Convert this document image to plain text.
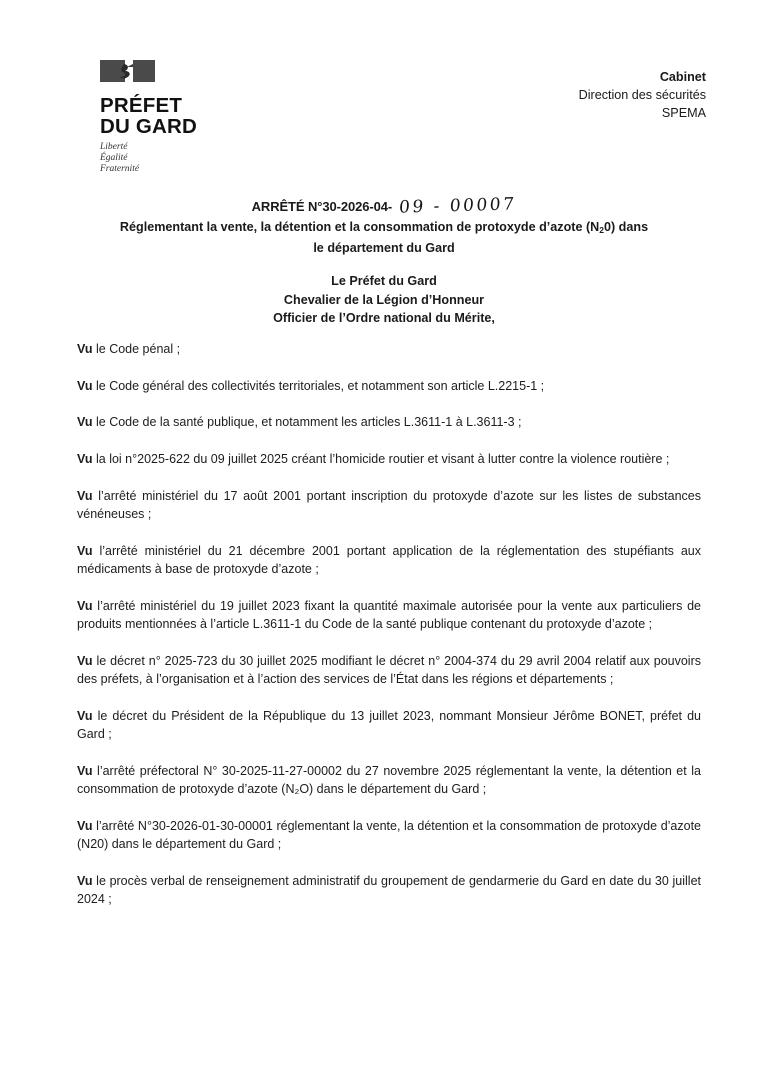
PRÉFET
DU GARD
Liberté
Égalité
Fraternité
Cabinet
Direction des sécurités
SPEMA
ARRÊTÉ N°30-2026-04- 09 - 00007
Réglementant la vente, la détention et la consommation de protoxyde d’azote $(N_20)$ dans
le département du Gard
Le Préfet du Gard
Chevalier de la Légion d’Honneur
Officier de l’Ordre national du Mérite,

Vu le Code pénal ;

Vu le Code général des collectivités territoriales, et notamment son article L.2215-1 ;

Vu le Code de la santé publique, et notamment les articles L.3611-1 à L.3611-3 ;

Vu la loi n°2025-622 du 09 juillet 2025 créant l’homicide routier et visant à lutter contre la violence routière ;

Vu l’arrêté ministériel du 17 août 2001 portant inscription du protoxyde d’azote sur les listes de substances vénéneuses ;

Vu l’arrêté ministériel du 21 décembre 2001 portant application de la réglementation des stupéfiants aux médicaments à base de protoxyde d’azote ;

Vu l’arrêté ministériel du 19 juillet 2023 fixant la quantité maximale autorisée pour la vente aux particuliers de produits mentionnées à l’article L.3611-1 du Code de la santé publique contenant du protoxyde d’azote ;

Vu le décret n° 2025-723 du 30 juillet 2025 modifiant le décret n° 2004-374 du 29 avril 2004 relatif aux pouvoirs des préfets, à l’organisation et à l’action des services de l’État dans les régions et départements ;

Vu le décret du Président de la République du 13 juillet 2023, nommant Monsieur Jérôme BONET, préfet du Gard ;

Vu l’arrêté préfectoral N° 30-2025-11-27-00002 du 27 novembre 2025 réglementant la vente, la détention et la consommation de protoxyde d’azote (N₂O) dans le département du Gard ;

Vu l’arrêté N°30-2026-01-30-00001 réglementant la vente, la détention et la consommation de protoxyde d’azote (N20) dans le département du Gard ;

Vu le procès verbal de renseignement administratif du groupement de gendarmerie du Gard en date du 30 juillet 2024 ;
